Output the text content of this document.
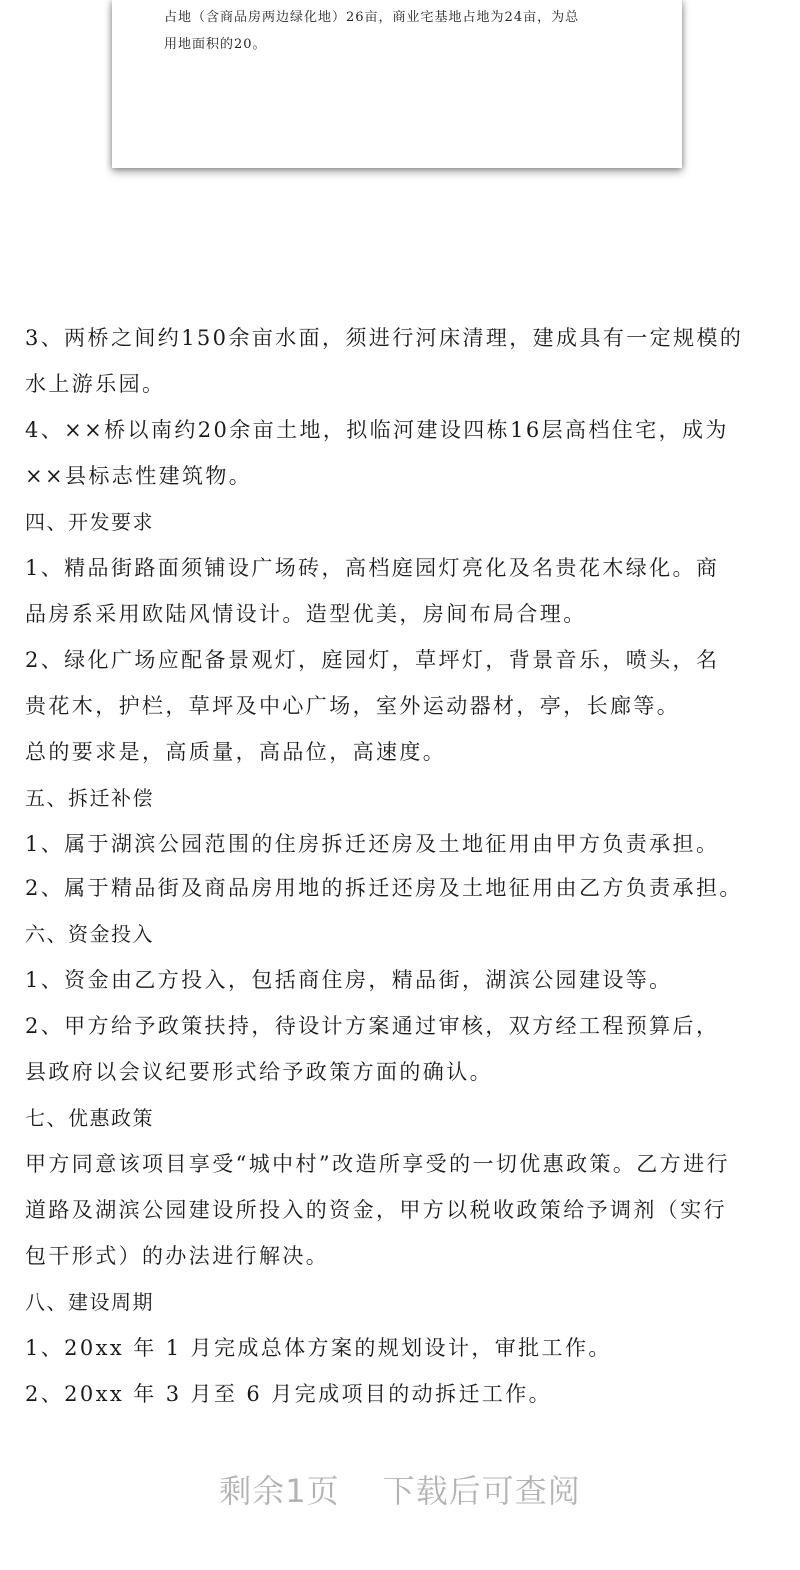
占地（含商品房两边绿化地）26亩，商业宅基地占地为24亩，为总
用地面积的20。
3、两桥之间约150余亩水面，须进行河床清理，建成具有一定规模的
水上游乐园。
4、××桥以南约20余亩土地，拟临河建设四栋16层高档住宅，成为
××县标志性建筑物。
四、开发要求
1、精品街路面须铺设广场砖，高档庭园灯亮化及名贵花木绿化。商
品房系采用欧陆风情设计。造型优美，房间布局合理。
2、绿化广场应配备景观灯，庭园灯，草坪灯，背景音乐，喷头，名
贵花木，护栏，草坪及中心广场，室外运动器材，亭，长廊等。
总的要求是，高质量，高品位，高速度。
五、拆迁补偿
1、属于湖滨公园范围的住房拆迁还房及土地征用由甲方负责承担。
2、属于精品街及商品房用地的拆迁还房及土地征用由乙方负责承担。
六、资金投入
1、资金由乙方投入，包括商住房，精品街，湖滨公园建设等。
2、甲方给予政策扶持，待设计方案通过审核，双方经工程预算后，
县政府以会议纪要形式给予政策方面的确认。
七、优惠政策
甲方同意该项目享受“城中村”改造所享受的一切优惠政策。乙方进行
道路及湖滨公园建设所投入的资金，甲方以税收政策给予调剂（实行
包干形式）的办法进行解决。
八、建设周期
1、20xx 年 1 月完成总体方案的规划设计，审批工作。
2、20xx 年 3 月至 6 月完成项目的动拆迁工作。
剩余1页 下载后可查阅
